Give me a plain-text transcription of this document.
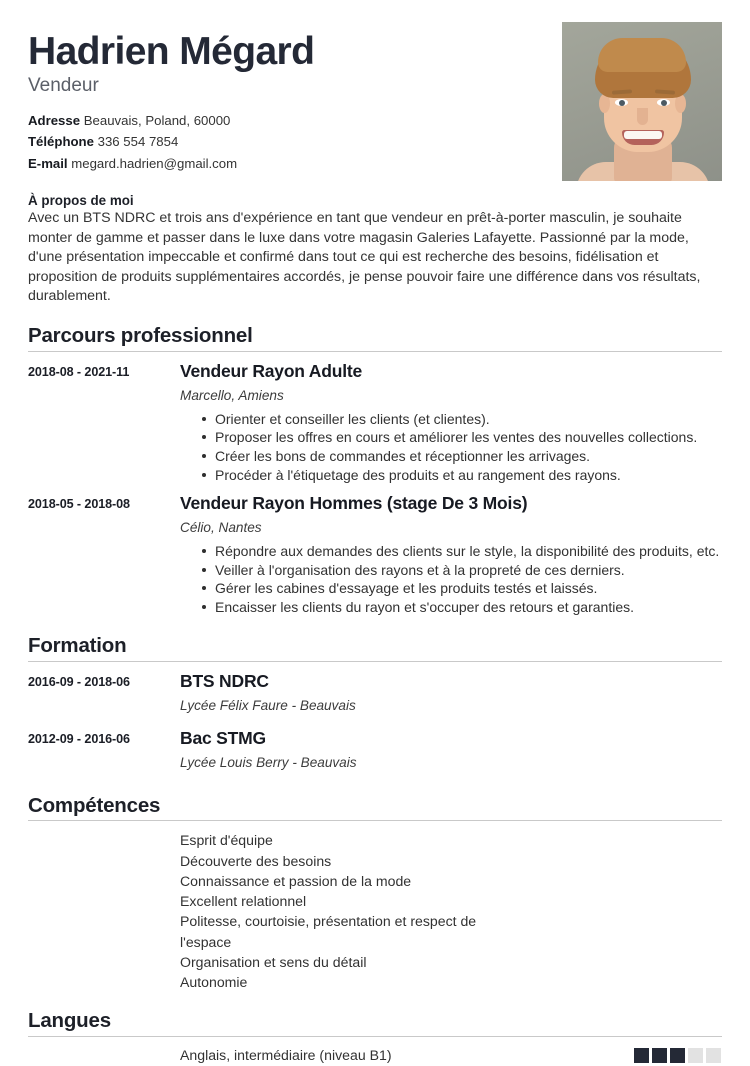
Hadrien Mégard
Vendeur
Adresse Beauvais, Poland, 60000
Téléphone 336 554 7854
E-mail megard.hadrien@gmail.com
À propos de moi

Avec un BTS NDRC et trois ans d'expérience en tant que vendeur en prêt-à-porter masculin, je souhaite monter de gamme et passer dans le luxe dans votre magasin Galeries Lafayette. Passionné par la mode, d'une présentation impeccable et confirmé dans tout ce qui est recherche des besoins, fidélisation et proposition de produits supplémentaires accordés, je pense pouvoir faire une différence dans vos résultats, durablement.

Parcours professionnel
2018-08 - 2021-11	Vendeur Rayon Adulte
Marcello, Amiens
Orienter et conseiller les clients (et clientes).
Proposer les offres en cours et améliorer les ventes des nouvelles collections.
Créer les bons de commandes et réceptionner les arrivages.
Procéder à l'étiquetage des produits et au rangement des rayons.
2018-05 - 2018-08	Vendeur Rayon Hommes (stage De 3 Mois)
Célio, Nantes
Répondre aux demandes des clients sur le style, la disponibilité des produits, etc.
Veiller à l'organisation des rayons et à la propreté de ces derniers.
Gérer les cabines d'essayage et les produits testés et laissés.
Encaisser les clients du rayon et s'occuper des retours et garanties.
Formation
2016-09 - 2018-06	BTS NDRC
Lycée Félix Faure - Beauvais
2012-09 - 2016-06	Bac STMG
Lycée Louis Berry - Beauvais
Compétences
Esprit d'équipe
Découverte des besoins
Connaissance et passion de la mode
Excellent relationnel
Politesse, courtoisie, présentation et respect de l'espace
Organisation et sens du détail
Autonomie
Langues
Anglais, intermédiaire (niveau B1)
